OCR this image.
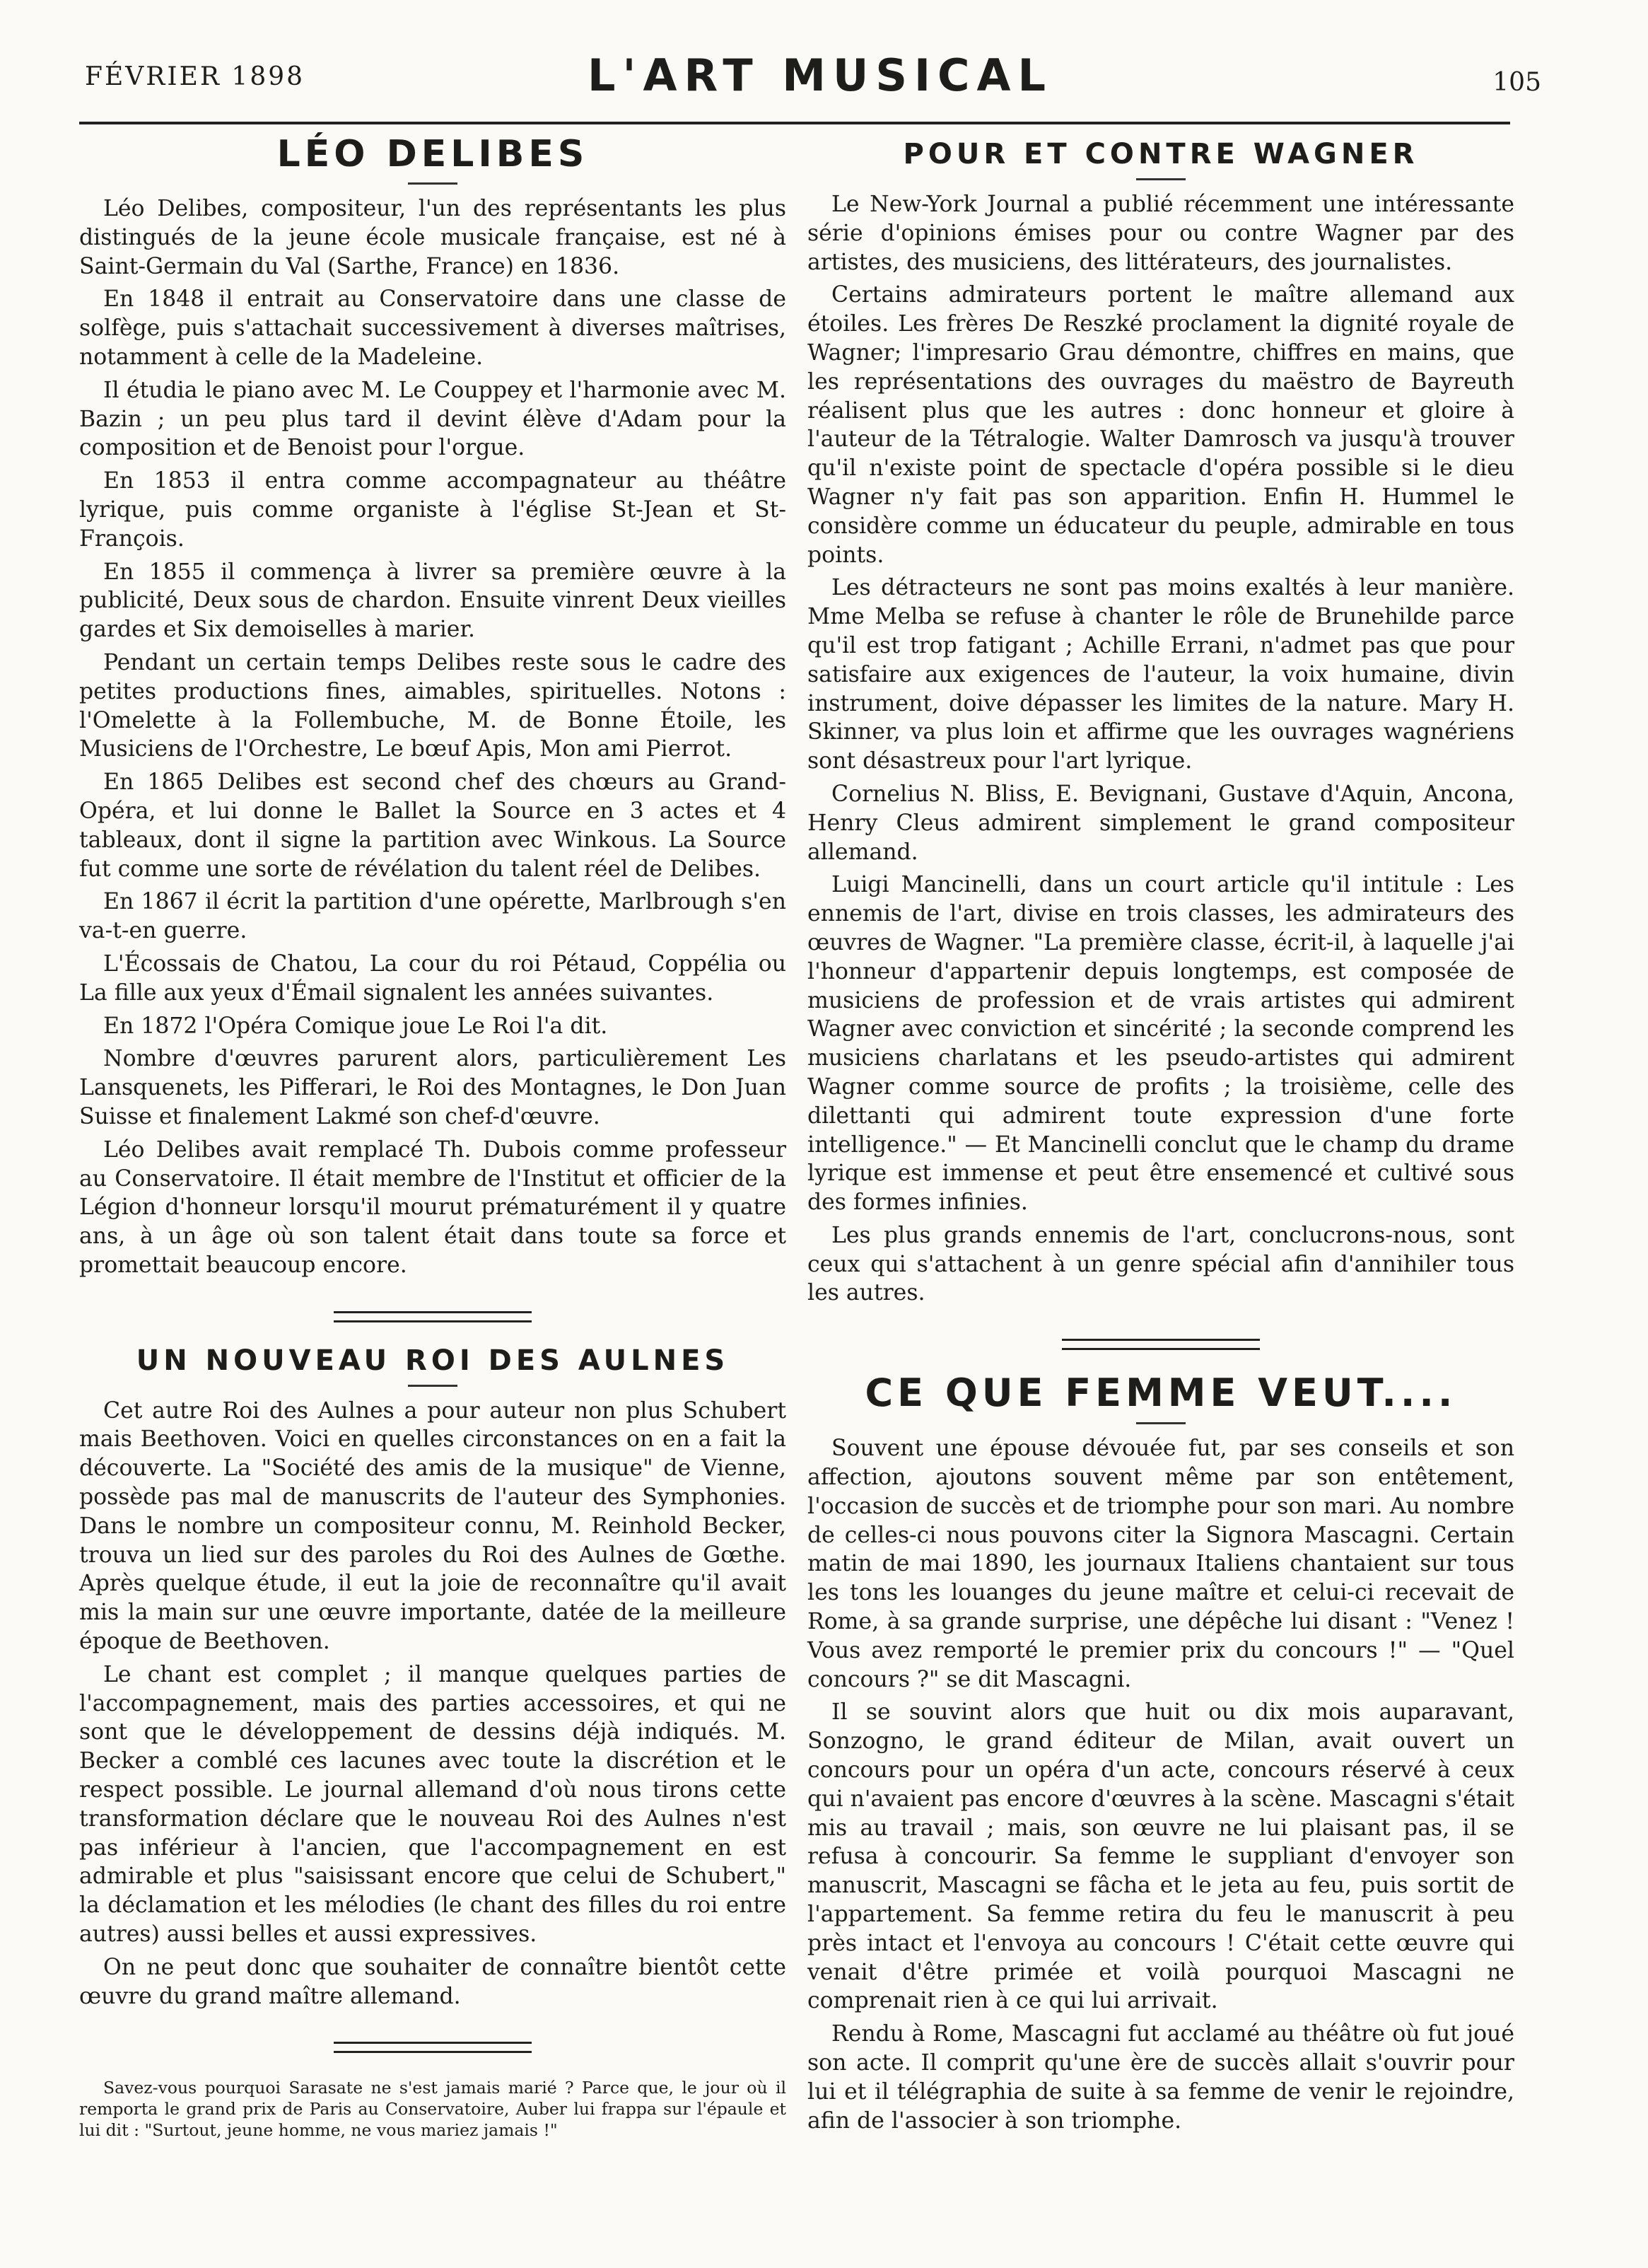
FÉVRIER 1898	L'ART MUSICAL	105
LÉO DELIBES

Léo Delibes, compositeur, l'un des représentants les plus distingués de la jeune école musicale française, est né à Saint-Germain du Val (Sarthe, France) en 1836.

En 1848 il entrait au Conservatoire dans une classe de solfège, puis s'attachait successivement à diverses maîtrises, notamment à celle de la Madeleine.

Il étudia le piano avec M. Le Couppey et l'harmonie avec M. Bazin ; un peu plus tard il devint élève d'Adam pour la composition et de Benoist pour l'orgue.

En 1853 il entra comme accompagnateur au théâtre lyrique, puis comme organiste à l'église St-Jean et St-François.

En 1855 il commença à livrer sa première œuvre à la publicité, Deux sous de chardon. Ensuite vinrent Deux vieilles gardes et Six demoiselles à marier.

Pendant un certain temps Delibes reste sous le cadre des petites productions fines, aimables, spirituelles. Notons : l'Omelette à la Follembuche, M. de Bonne Étoile, les Musiciens de l'Orchestre, Le bœuf Apis, Mon ami Pierrot.

En 1865 Delibes est second chef des chœurs au Grand-Opéra, et lui donne le Ballet la Source en 3 actes et 4 tableaux, dont il signe la partition avec Winkous. La Source fut comme une sorte de révélation du talent réel de Delibes.

En 1867 il écrit la partition d'une opérette, Marlbrough s'en va-t-en guerre.

L'Écossais de Chatou, La cour du roi Pétaud, Coppélia ou La fille aux yeux d'Émail signalent les années suivantes.

En 1872 l'Opéra Comique joue Le Roi l'a dit.

Nombre d'œuvres parurent alors, particulièrement Les Lansquenets, les Pifferari, le Roi des Montagnes, le Don Juan Suisse et finalement Lakmé son chef-d'œuvre.

Léo Delibes avait remplacé Th. Dubois comme professeur au Conservatoire. Il était membre de l'Institut et officier de la Légion d'honneur lorsqu'il mourut prématurément il y quatre ans, à un âge où son talent était dans toute sa force et promettait beaucoup encore.

UN NOUVEAU ROI DES AULNES

Cet autre Roi des Aulnes a pour auteur non plus Schubert mais Beethoven. Voici en quelles circonstances on en a fait la découverte. La "Société des amis de la musique" de Vienne, possède pas mal de manuscrits de l'auteur des Symphonies. Dans le nombre un compositeur connu, M. Reinhold Becker, trouva un lied sur des paroles du Roi des Aulnes de Gœthe. Après quelque étude, il eut la joie de reconnaître qu'il avait mis la main sur une œuvre importante, datée de la meilleure époque de Beethoven.

Le chant est complet ; il manque quelques parties de l'accompagnement, mais des parties accessoires, et qui ne sont que le développement de dessins déjà indiqués. M. Becker a comblé ces lacunes avec toute la discrétion et le respect possible. Le journal allemand d'où nous tirons cette transformation déclare que le nouveau Roi des Aulnes n'est pas inférieur à l'ancien, que l'accompagnement en est admirable et plus "saisissant encore que celui de Schubert," la déclamation et les mélodies (le chant des filles du roi entre autres) aussi belles et aussi expressives.

On ne peut donc que souhaiter de connaître bientôt cette œuvre du grand maître allemand.

Savez-vous pourquoi Sarasate ne s'est jamais marié ? Parce que, le jour où il remporta le grand prix de Paris au Conservatoire, Auber lui frappa sur l'épaule et lui dit : "Surtout, jeune homme, ne vous mariez jamais !"
POUR ET CONTRE WAGNER

Le New-York Journal a publié récemment une intéressante série d'opinions émises pour ou contre Wagner par des artistes, des musiciens, des littérateurs, des journalistes.

Certains admirateurs portent le maître allemand aux étoiles. Les frères De Reszké proclament la dignité royale de Wagner; l'impresario Grau démontre, chiffres en mains, que les représentations des ouvrages du maëstro de Bayreuth réalisent plus que les autres : donc honneur et gloire à l'auteur de la Tétralogie. Walter Damrosch va jusqu'à trouver qu'il n'existe point de spectacle d'opéra possible si le dieu Wagner n'y fait pas son apparition. Enfin H. Hummel le considère comme un éducateur du peuple, admirable en tous points.

Les détracteurs ne sont pas moins exaltés à leur manière. Mme Melba se refuse à chanter le rôle de Brunehilde parce qu'il est trop fatigant ; Achille Errani, n'admet pas que pour satisfaire aux exigences de l'auteur, la voix humaine, divin instrument, doive dépasser les limites de la nature. Mary H. Skinner, va plus loin et affirme que les ouvrages wagnériens sont désastreux pour l'art lyrique.

Cornelius N. Bliss, E. Bevignani, Gustave d'Aquin, Ancona, Henry Cleus admirent simplement le grand compositeur allemand.

Luigi Mancinelli, dans un court article qu'il intitule : Les ennemis de l'art, divise en trois classes, les admirateurs des œuvres de Wagner. "La première classe, écrit-il, à laquelle j'ai l'honneur d'appartenir depuis longtemps, est composée de musiciens de profession et de vrais artistes qui admirent Wagner avec conviction et sincérité ; la seconde comprend les musiciens charlatans et les pseudo-artistes qui admirent Wagner comme source de profits ; la troisième, celle des dilettanti qui admirent toute expression d'une forte intelligence." — Et Mancinelli conclut que le champ du drame lyrique est immense et peut être ensemencé et cultivé sous des formes infinies.

Les plus grands ennemis de l'art, conclucrons-nous, sont ceux qui s'attachent à un genre spécial afin d'annihiler tous les autres.

CE QUE FEMME VEUT....

Souvent une épouse dévouée fut, par ses conseils et son affection, ajoutons souvent même par son entêtement, l'occasion de succès et de triomphe pour son mari. Au nombre de celles-ci nous pouvons citer la Signora Mascagni. Certain matin de mai 1890, les journaux Italiens chantaient sur tous les tons les louanges du jeune maître et celui-ci recevait de Rome, à sa grande surprise, une dépêche lui disant : "Venez ! Vous avez remporté le premier prix du concours !" — "Quel concours ?" se dit Mascagni.

Il se souvint alors que huit ou dix mois auparavant, Sonzogno, le grand éditeur de Milan, avait ouvert un concours pour un opéra d'un acte, concours réservé à ceux qui n'avaient pas encore d'œuvres à la scène. Mascagni s'était mis au travail ; mais, son œuvre ne lui plaisant pas, il se refusa à concourir. Sa femme le suppliant d'envoyer son manuscrit, Mascagni se fâcha et le jeta au feu, puis sortit de l'appartement. Sa femme retira du feu le manuscrit à peu près intact et l'envoya au concours ! C'était cette œuvre qui venait d'être primée et voilà pourquoi Mascagni ne comprenait rien à ce qui lui arrivait.

Rendu à Rome, Mascagni fut acclamé au théâtre où fut joué son acte. Il comprit qu'une ère de succès allait s'ouvrir pour lui et il télégraphia de suite à sa femme de venir le rejoindre, afin de l'associer à son triomphe.
